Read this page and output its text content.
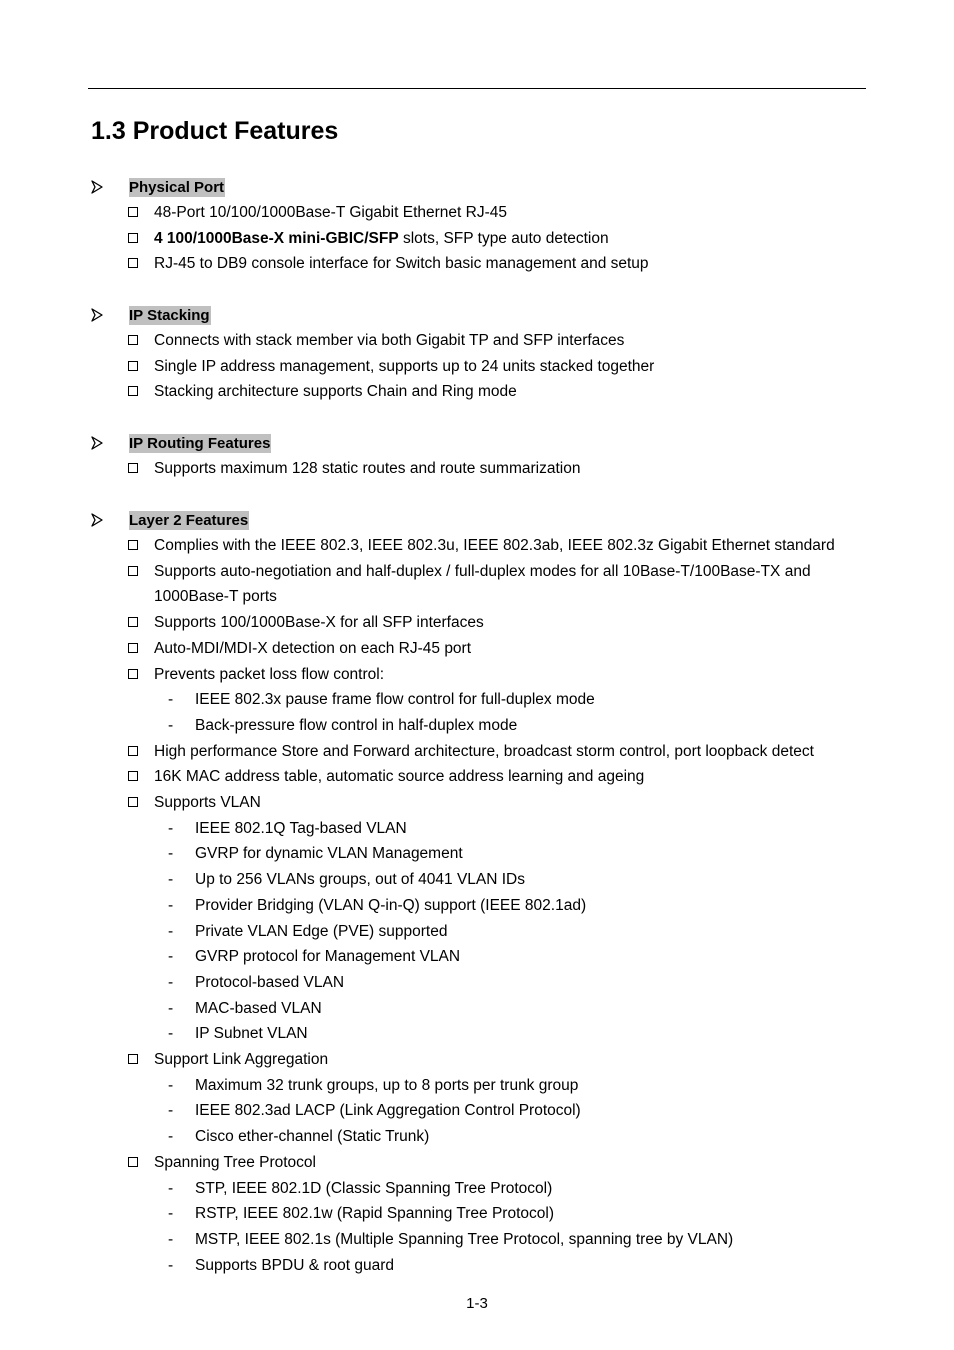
1.3 Product Features
Physical Port
48-Port 10/100/1000Base-T Gigabit Ethernet RJ-45
4 100/1000Base-X mini-GBIC/SFP slots, SFP type auto detection
RJ-45 to DB9 console interface for Switch basic management and setup
IP Stacking
Connects with stack member via both Gigabit TP and SFP interfaces
Single IP address management, supports up to 24 units stacked together
Stacking architecture supports Chain and Ring mode
IP Routing Features
Supports maximum 128 static routes and route summarization
Layer 2 Features
Complies with the IEEE 802.3, IEEE 802.3u, IEEE 802.3ab, IEEE 802.3z Gigabit Ethernet standard
Supports auto-negotiation and half-duplex / full-duplex modes for all 10Base-T/100Base-TX and 1000Base-T ports
Supports 100/1000Base-X for all SFP interfaces
Auto-MDI/MDI-X detection on each RJ-45 port
Prevents packet loss flow control:
- IEEE 802.3x pause frame flow control for full-duplex mode
- Back-pressure flow control in half-duplex mode
High performance Store and Forward architecture, broadcast storm control, port loopback detect
16K MAC address table, automatic source address learning and ageing
Supports VLAN
- IEEE 802.1Q Tag-based VLAN
- GVRP for dynamic VLAN Management
- Up to 256 VLANs groups, out of 4041 VLAN IDs
- Provider Bridging (VLAN Q-in-Q) support (IEEE 802.1ad)
- Private VLAN Edge (PVE) supported
- GVRP protocol for Management VLAN
- Protocol-based VLAN
- MAC-based VLAN
- IP Subnet VLAN
Support Link Aggregation
- Maximum 32 trunk groups, up to 8 ports per trunk group
- IEEE 802.3ad LACP (Link Aggregation Control Protocol)
- Cisco ether-channel (Static Trunk)
Spanning Tree Protocol
- STP, IEEE 802.1D (Classic Spanning Tree Protocol)
- RSTP, IEEE 802.1w (Rapid Spanning Tree Protocol)
- MSTP, IEEE 802.1s (Multiple Spanning Tree Protocol, spanning tree by VLAN)
- Supports BPDU & root guard
1-3
